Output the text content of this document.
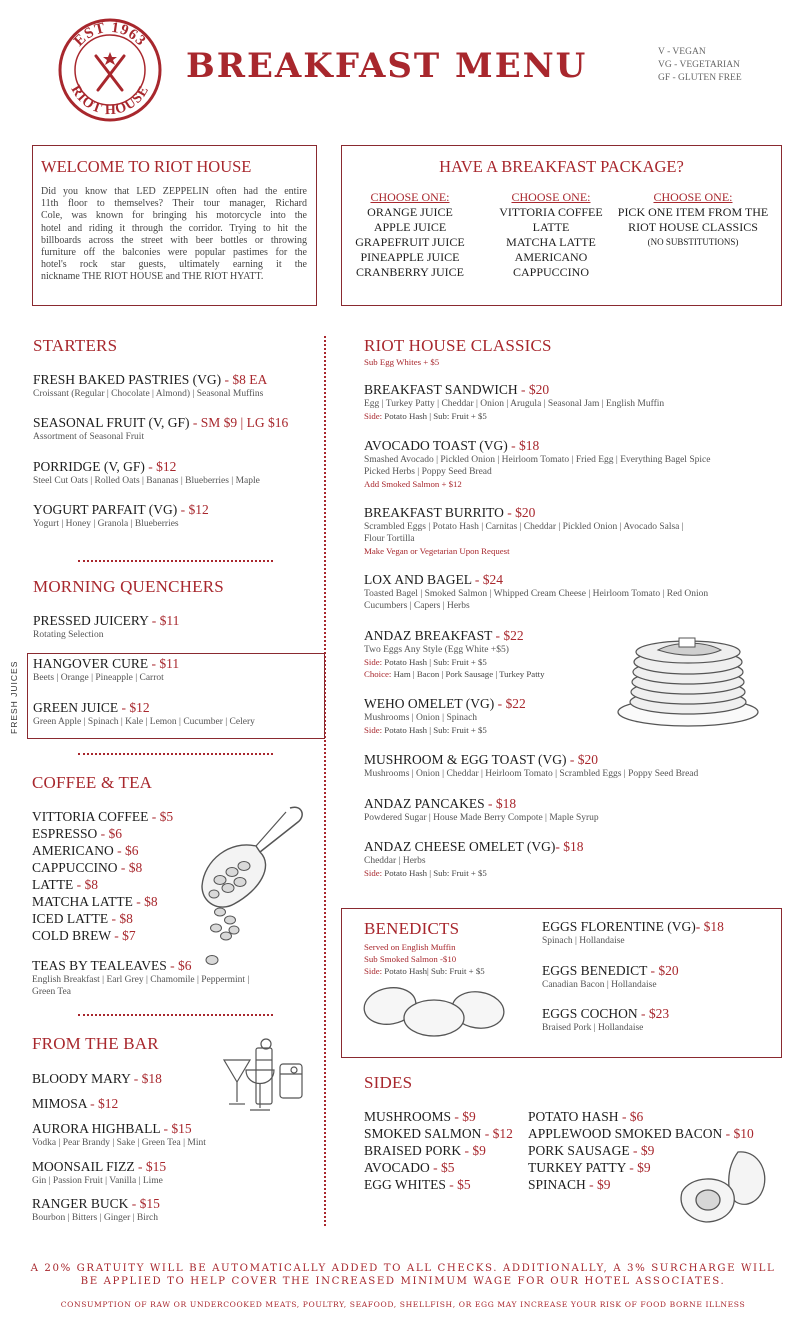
EST 1963
RIOT HOUSE
BREAKFAST MENU	V - VEGAN
VG - VEGETARIAN
GF - GLUTEN FREE
WELCOME TO RIOT HOUSE
Did you know that LED ZEPPELIN often had the entire
11th floor to themselves? Their tour manager, Richard
Cole, was known for bringing his motorcycle into the
hotel and riding it through the corridor. Trying to hit the
billboards across the street with beer bottles or throwing
furniture off the balconies were popular pastimes for the
hotel's rock star guests, ultimately earning it the
nickname THE RIOT HOUSE and THE RIOT HYATT.
HAVE A BREAKFAST PACKAGE?
CHOOSE ONE:
ORANGE JUICE
APPLE JUICE
GRAPEFRUIT JUICE
PINEAPPLE JUICE
CRANBERRY JUICE
CHOOSE ONE:
VITTORIA COFFEE
LATTE
MATCHA LATTE
AMERICANO
CAPPUCCINO
CHOOSE ONE:
PICK ONE ITEM FROM THE
RIOT HOUSE CLASSICS
(NO SUBSTITUTIONS)
STARTERS
FRESH BAKED PASTRIES (VG) - $8 EA
Croissant (Regular | Chocolate | Almond) | Seasonal Muffins
SEASONAL FRUIT (V, GF) - SM $9 | LG $16
Assortment of Seasonal Fruit
PORRIDGE (V, GF) - $12
Steel Cut Oats | Rolled Oats | Bananas | Blueberries | Maple
YOGURT PARFAIT (VG) - $12
Yogurt | Honey | Granola | Blueberries
MORNING QUENCHERS
PRESSED JUICERY - $11
Rotating Selection
FRESH JUICES HANGOVER CURE - $11
Beets | Orange | Pineapple | Carrot
GREEN JUICE - $12
Green Apple | Spinach | Kale | Lemon | Cucumber | Celery
COFFEE & TEA
VITTORIA COFFEE - $5
ESPRESSO - $6
AMERICANO - $6
CAPPUCCINO - $8
LATTE - $8
MATCHA LATTE - $8
ICED LATTE - $8
COLD BREW - $7
TEAS BY TEALEAVES - $6
English Breakfast | Earl Grey | Chamomile | Peppermint |
Green Tea
FROM THE BAR
BLOODY MARY - $18
MIMOSA - $12
AURORA HIGHBALL - $15
Vodka | Pear Brandy | Sake | Green Tea | Mint
MOONSAIL FIZZ - $15
Gin | Passion Fruit | Vanilla | Lime
RANGER BUCK - $15
Bourbon | Bitters | Ginger | Birch
RIOT HOUSE CLASSICS
Sub Egg Whites + $5
BREAKFAST SANDWICH - $20
Egg | Turkey Patty | Cheddar | Onion | Arugula | Seasonal Jam | English Muffin
Side: Potato Hash | Sub: Fruit + $5
AVOCADO TOAST (VG) - $18
Smashed Avocado | Pickled Onion | Heirloom Tomato | Fried Egg | Everything Bagel Spice
Picked Herbs | Poppy Seed Bread
Add Smoked Salmon + $12
BREAKFAST BURRITO - $20
Scrambled Eggs | Potato Hash | Carnitas | Cheddar | Pickled Onion | Avocado Salsa |
Flour Tortilla
Make Vegan or Vegetarian Upon Request
LOX AND BAGEL - $24
Toasted Bagel | Smoked Salmon | Whipped Cream Cheese | Heirloom Tomato | Red Onion
Cucumbers | Capers | Herbs
ANDAZ BREAKFAST - $22
Two Eggs Any Style (Egg White +$5)
Side: Potato Hash | Sub: Fruit + $5
Choice: Ham | Bacon | Pork Sausage | Turkey Patty
WEHO OMELET (VG) - $22
Mushrooms | Onion | Spinach
Side: Potato Hash | Sub: Fruit + $5
MUSHROOM & EGG TOAST (VG) - $20
Mushrooms | Onion | Cheddar | Heirloom Tomato | Scrambled Eggs | Poppy Seed Bread
ANDAZ PANCAKES - $18
Powdered Sugar | House Made Berry Compote | Maple Syrup
ANDAZ CHEESE OMELET (VG)- $18
Cheddar | Herbs
Side: Potato Hash | Sub: Fruit + $5
BENEDICTS
Served on English Muffin
Sub Smoked Salmon -$10
Side: Potato Hash| Sub: Fruit + $5
EGGS FLORENTINE (VG)- $18
Spinach | Hollandaise
EGGS BENEDICT - $20
Canadian Bacon | Hollandaise
EGGS COCHON - $23
Braised Pork | Hollandaise
SIDES
MUSHROOMS - $9
SMOKED SALMON - $12
BRAISED PORK - $9
AVOCADO - $5
EGG WHITES - $5
POTATO HASH - $6
APPLEWOOD SMOKED BACON - $10
PORK SAUSAGE - $9
TURKEY PATTY - $9
SPINACH - $9
A 20% GRATUITY WILL BE AUTOMATICALLY ADDED TO ALL CHECKS. ADDITIONALLY, A 3% SURCHARGE WILL
BE APPLIED TO HELP COVER THE INCREASED MINIMUM WAGE FOR OUR HOTEL ASSOCIATES.
CONSUMPTION OF RAW OR UNDERCOOKED MEATS, POULTRY, SEAFOOD, SHELLFISH, OR EGG MAY INCREASE YOUR RISK OF FOOD BORNE ILLNESS
